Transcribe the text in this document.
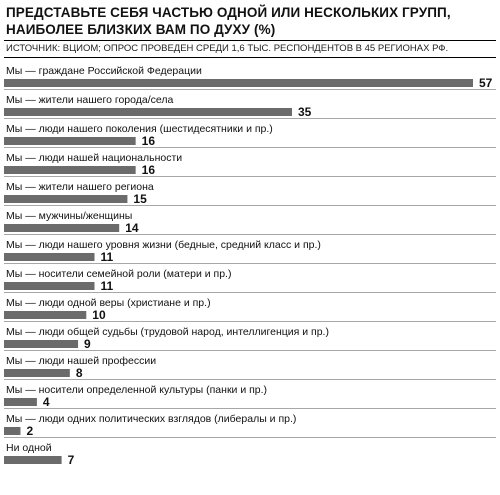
ПРЕДСТАВЬТЕ СЕБЯ ЧАСТЬЮ ОДНОЙ ИЛИ НЕСКОЛЬКИХ ГРУПП, НАИБОЛЕЕ БЛИЗКИХ ВАМ ПО ДУХУ (%)
ИСТОЧНИК: ВЦИОМ; ОПРОС ПРОВЕДЕН СРЕДИ 1,6 ТЫС. РЕСПОНДЕНТОВ В 45 РЕГИОНАХ РФ.
Мы — граждане Российской Федерации
57
Мы — жители нашего города/села
35
Мы — люди нашего поколения (шестидесятники и пр.)
16
Мы — люди нашей национальности
16
Мы — жители нашего региона
15
Мы — мужчины/женщины
14
Мы — люди нашего уровня жизни (бедные, средний класс и пр.)
11
Мы — носители семейной роли (матери и пр.)
11
Мы — люди одной веры (христиане и пр.)
10
Мы — люди общей судьбы (трудовой народ, интеллигенция и пр.)
9
Мы — люди нашей профессии
8
Мы — носители определенной культуры (панки и пр.)
4
Мы — люди одних политических взглядов (либералы и пр.)
2
Ни одной
7
